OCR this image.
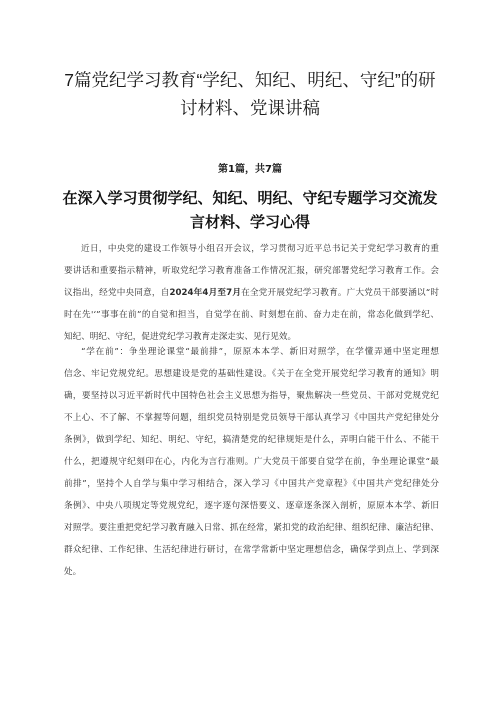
7篇党纪学习教育“学纪、知纪、明纪、守纪”的研
讨材料、党课讲稿
第1篇，共7篇
在深入学习贯彻学纪、知纪、明纪、守纪专题学习交流发
言材料、学习心得
近日，中央党的建设工作领导小组召开会议，学习贯彻习近平总书记关于党纪学习教育的重
要讲话和重要指示精神，听取党纪学习教育准备工作情况汇报，研究部署党纪学习教育工作。会
议指出，经党中央同意，自2024年4月至7月在全党开展党纪学习教育。广大党员干部要涵以“时
时在先'‘”事事在前”的自觉和担当，自觉学在前、时刻想在前、奋力走在前，常态化做到学纪、
知纪、明纪、守纪，促进党纪学习教育走深走实、见行见效。
“学在前”：争坐理论课堂“最前排”，原原本本学、新旧对照学，在学懂弄通中坚定理想
信念、牢记党规党纪。思想建设是党的基础性建设。《关于在全党开展党纪学习教育的通知》明
确，要坚持以习近平新时代中国特色社会主义思想为指导，聚焦解决一些党员、干部对党规党纪
不上心、不了解、不掌握等问题，组织党员特别是党员领导干部认真学习《中国共产党纪律处分
条例》，做到学纪、知纪、明纪、守纪，搞清楚党的纪律规矩是什么，弄明白能干什么、不能干
什么，把遵规守纪刻印在心，内化为言行准则。广大党员干部要自觉学在前，争坐理论课堂“最
前排”，坚持个人自学与集中学习相结合，深入学习《中国共产党章程》《中国共产党纪律处分
条例》、中央八项规定等党规党纪，逐字逐句深悟要义、逐章逐条深入剖析，原原本本学、新旧
对照学。要注重把党纪学习教育融入日常、抓在经常，紧扣党的政治纪律、组织纪律、廉洁纪律、
群众纪律、工作纪律、生活纪律进行研讨，在常学常新中坚定理想信念，确保学到点上、学到深
处。
